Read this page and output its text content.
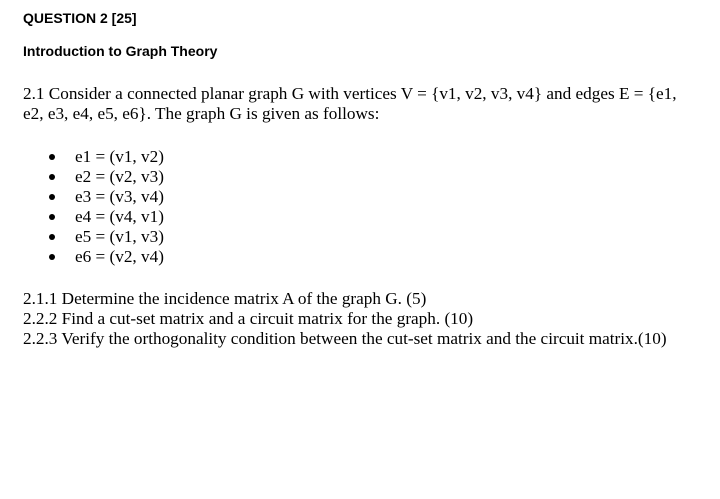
QUESTION 2 [25]
Introduction to Graph Theory
2.1 Consider a connected planar graph G with vertices V = {v1, v2, v3, v4} and edges E = {e1, e2, e3, e4, e5, e6}. The graph G is given as follows:
e1 = (v1, v2)
e2 = (v2, v3)
e3 = (v3, v4)
e4 = (v4, v1)
e5 = (v1, v3)
e6 = (v2, v4)
2.1.1 Determine the incidence matrix A of the graph G. (5)
2.2.2 Find a cut-set matrix and a circuit matrix for the graph. (10)
2.2.3 Verify the orthogonality condition between the cut-set matrix and the circuit matrix.(10)
